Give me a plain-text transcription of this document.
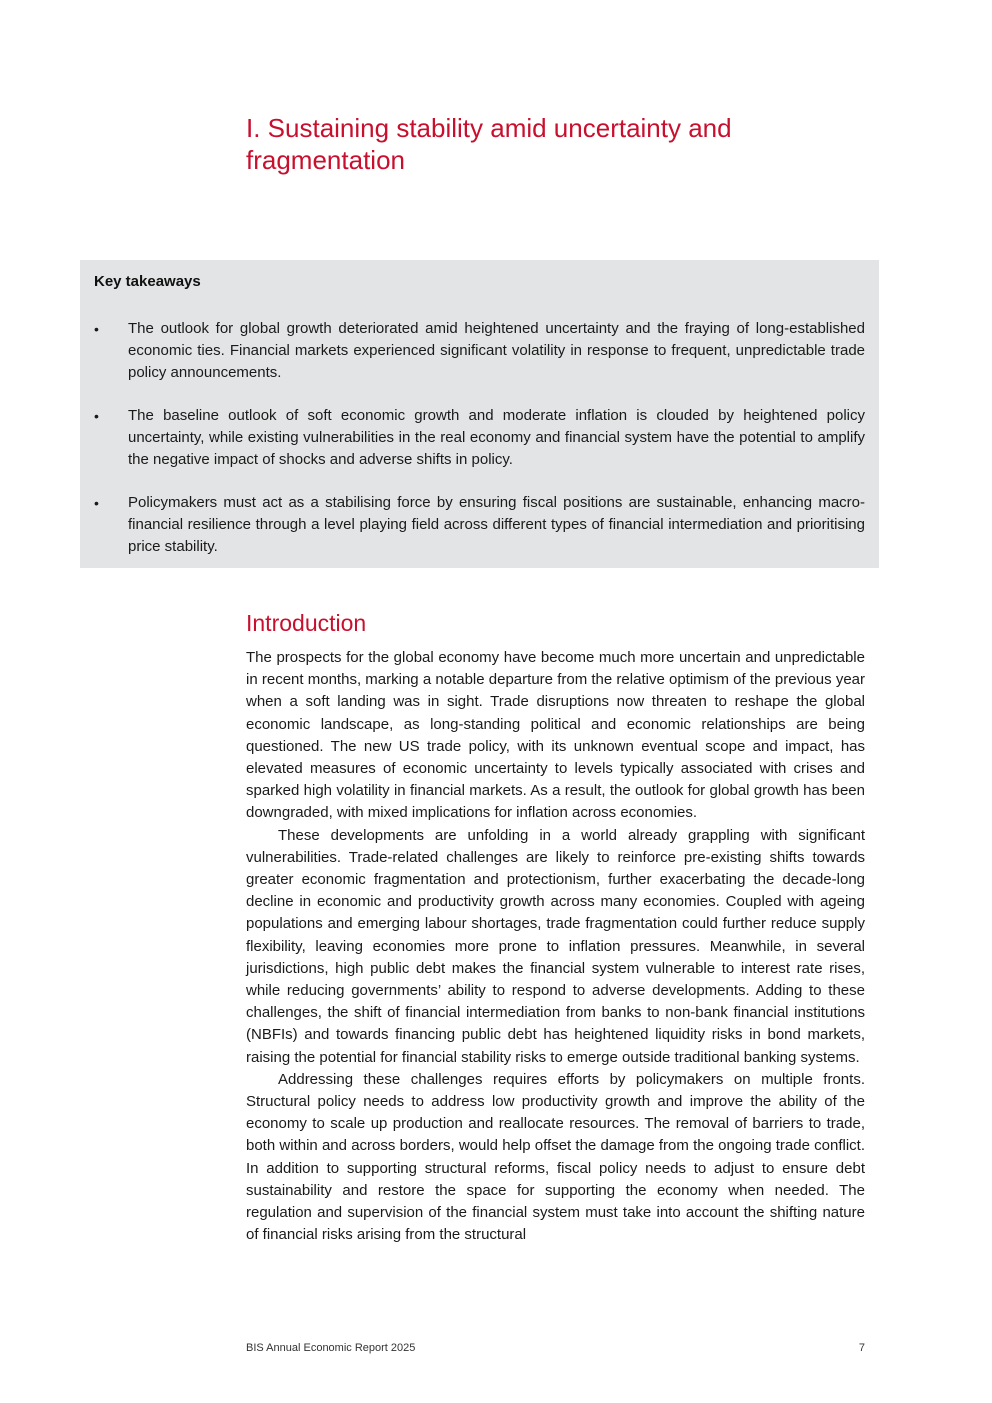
I. Sustaining stability amid uncertainty and fragmentation
Key takeaways
•	The outlook for global growth deteriorated amid heightened uncertainty and the fraying of long-established economic ties. Financial markets experienced significant volatility in response to frequent, unpredictable trade policy announcements.
•	The baseline outlook of soft economic growth and moderate inflation is clouded by heightened policy uncertainty, while existing vulnerabilities in the real economy and financial system have the potential to amplify the negative impact of shocks and adverse shifts in policy.
•	Policymakers must act as a stabilising force by ensuring fiscal positions are sustainable, enhancing macro-financial resilience through a level playing field across different types of financial intermediation and prioritising price stability.
Introduction

The prospects for the global economy have become much more uncertain and unpredictable in recent months, marking a notable departure from the relative optimism of the previous year when a soft landing was in sight. Trade disruptions now threaten to reshape the global economic landscape, as long-standing political and economic relationships are being questioned. The new US trade policy, with its unknown eventual scope and impact, has elevated measures of economic uncertainty to levels typically associated with crises and sparked high volatility in financial markets. As a result, the outlook for global growth has been downgraded, with mixed implications for inflation across economies.

These developments are unfolding in a world already grappling with significant vulnerabilities. Trade-related challenges are likely to reinforce pre-existing shifts towards greater economic fragmentation and protectionism, further exacerbating the decade-long decline in economic and productivity growth across many economies. Coupled with ageing populations and emerging labour shortages, trade fragmentation could further reduce supply flexibility, leaving economies more prone to inflation pressures. Meanwhile, in several jurisdictions, high public debt makes the financial system vulnerable to interest rate rises, while reducing governments’ ability to respond to adverse developments. Adding to these challenges, the shift of financial intermediation from banks to non-bank financial institutions (NBFIs) and towards financing public debt has heightened liquidity risks in bond markets, raising the potential for financial stability risks to emerge outside traditional banking systems.

Addressing these challenges requires efforts by policymakers on multiple fronts. Structural policy needs to address low productivity growth and improve the ability of the economy to scale up production and reallocate resources. The removal of barriers to trade, both within and across borders, would help offset the damage from the ongoing trade conflict. In addition to supporting structural reforms, fiscal policy needs to adjust to ensure debt sustainability and restore the space for supporting the economy when needed. The regulation and supervision of the financial system must take into account the shifting nature of financial risks arising from the structural

BIS Annual Economic Report 2025	7
